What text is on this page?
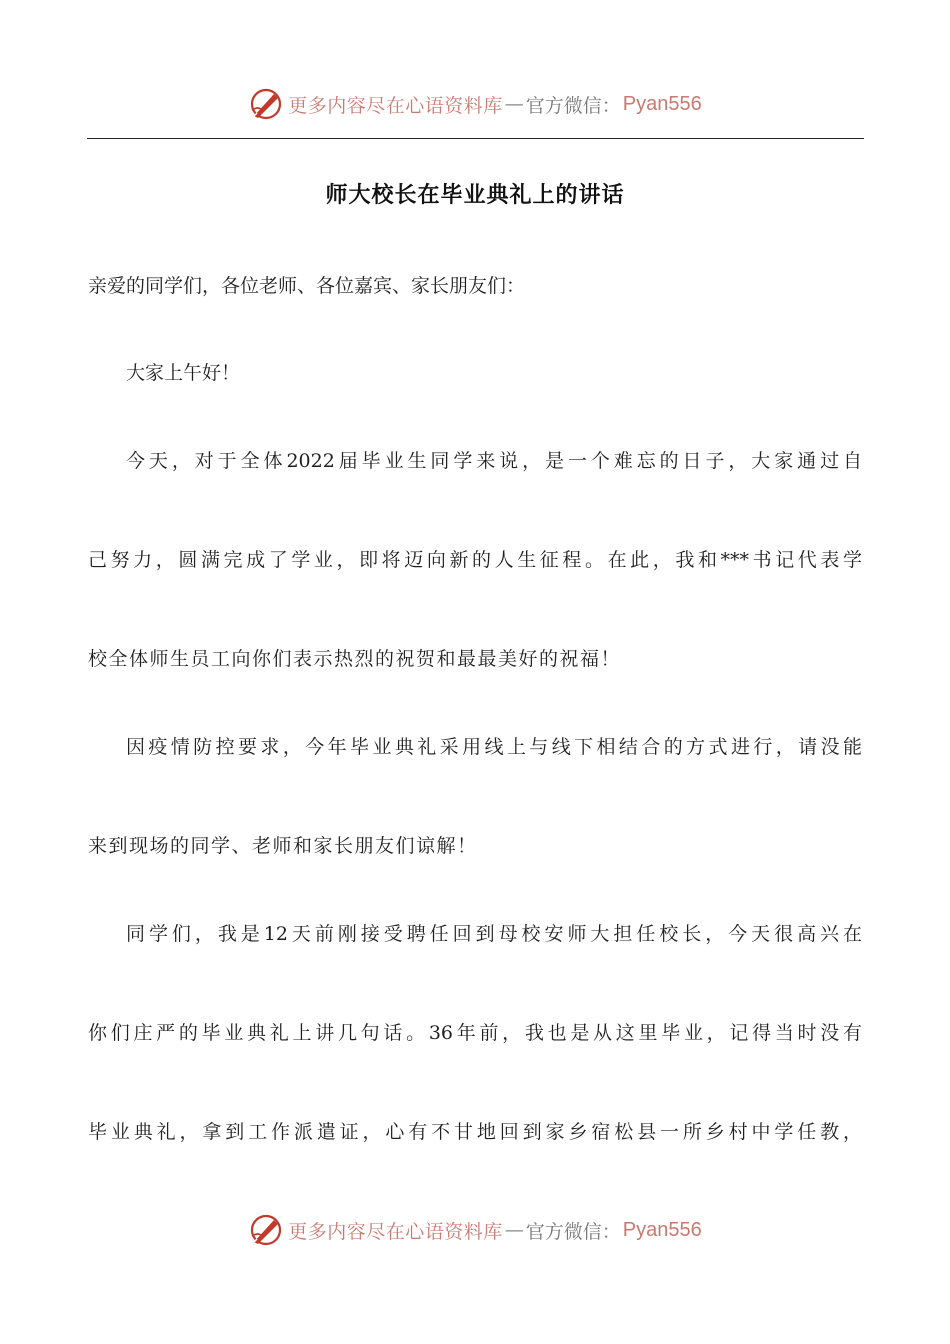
更多内容尽在心语资料库 — 官方微信： Pyan556
师大校长在毕业典礼上的讲话
亲爱的同学们，各位老师、各位嘉宾、家长朋友们：
大家上午好！
今天，对于全体2022届毕业生同学来说，是一个难忘的日子，大家通过自
己努力，圆满完成了学业，即将迈向新的人生征程。在此，我和***书记代表学
校全体师生员工向你们表示热烈的祝贺和最最美好的祝福！
因疫情防控要求，今年毕业典礼采用线上与线下相结合的方式进行，请没能
来到现场的同学、老师和家长朋友们谅解！
同学们，我是12天前刚接受聘任回到母校安师大担任校长，今天很高兴在
你们庄严的毕业典礼上讲几句话。36年前，我也是从这里毕业，记得当时没有
毕业典礼，拿到工作派遣证，心有不甘地回到家乡宿松县一所乡村中学任教，
更多内容尽在心语资料库 — 官方微信： Pyan556
